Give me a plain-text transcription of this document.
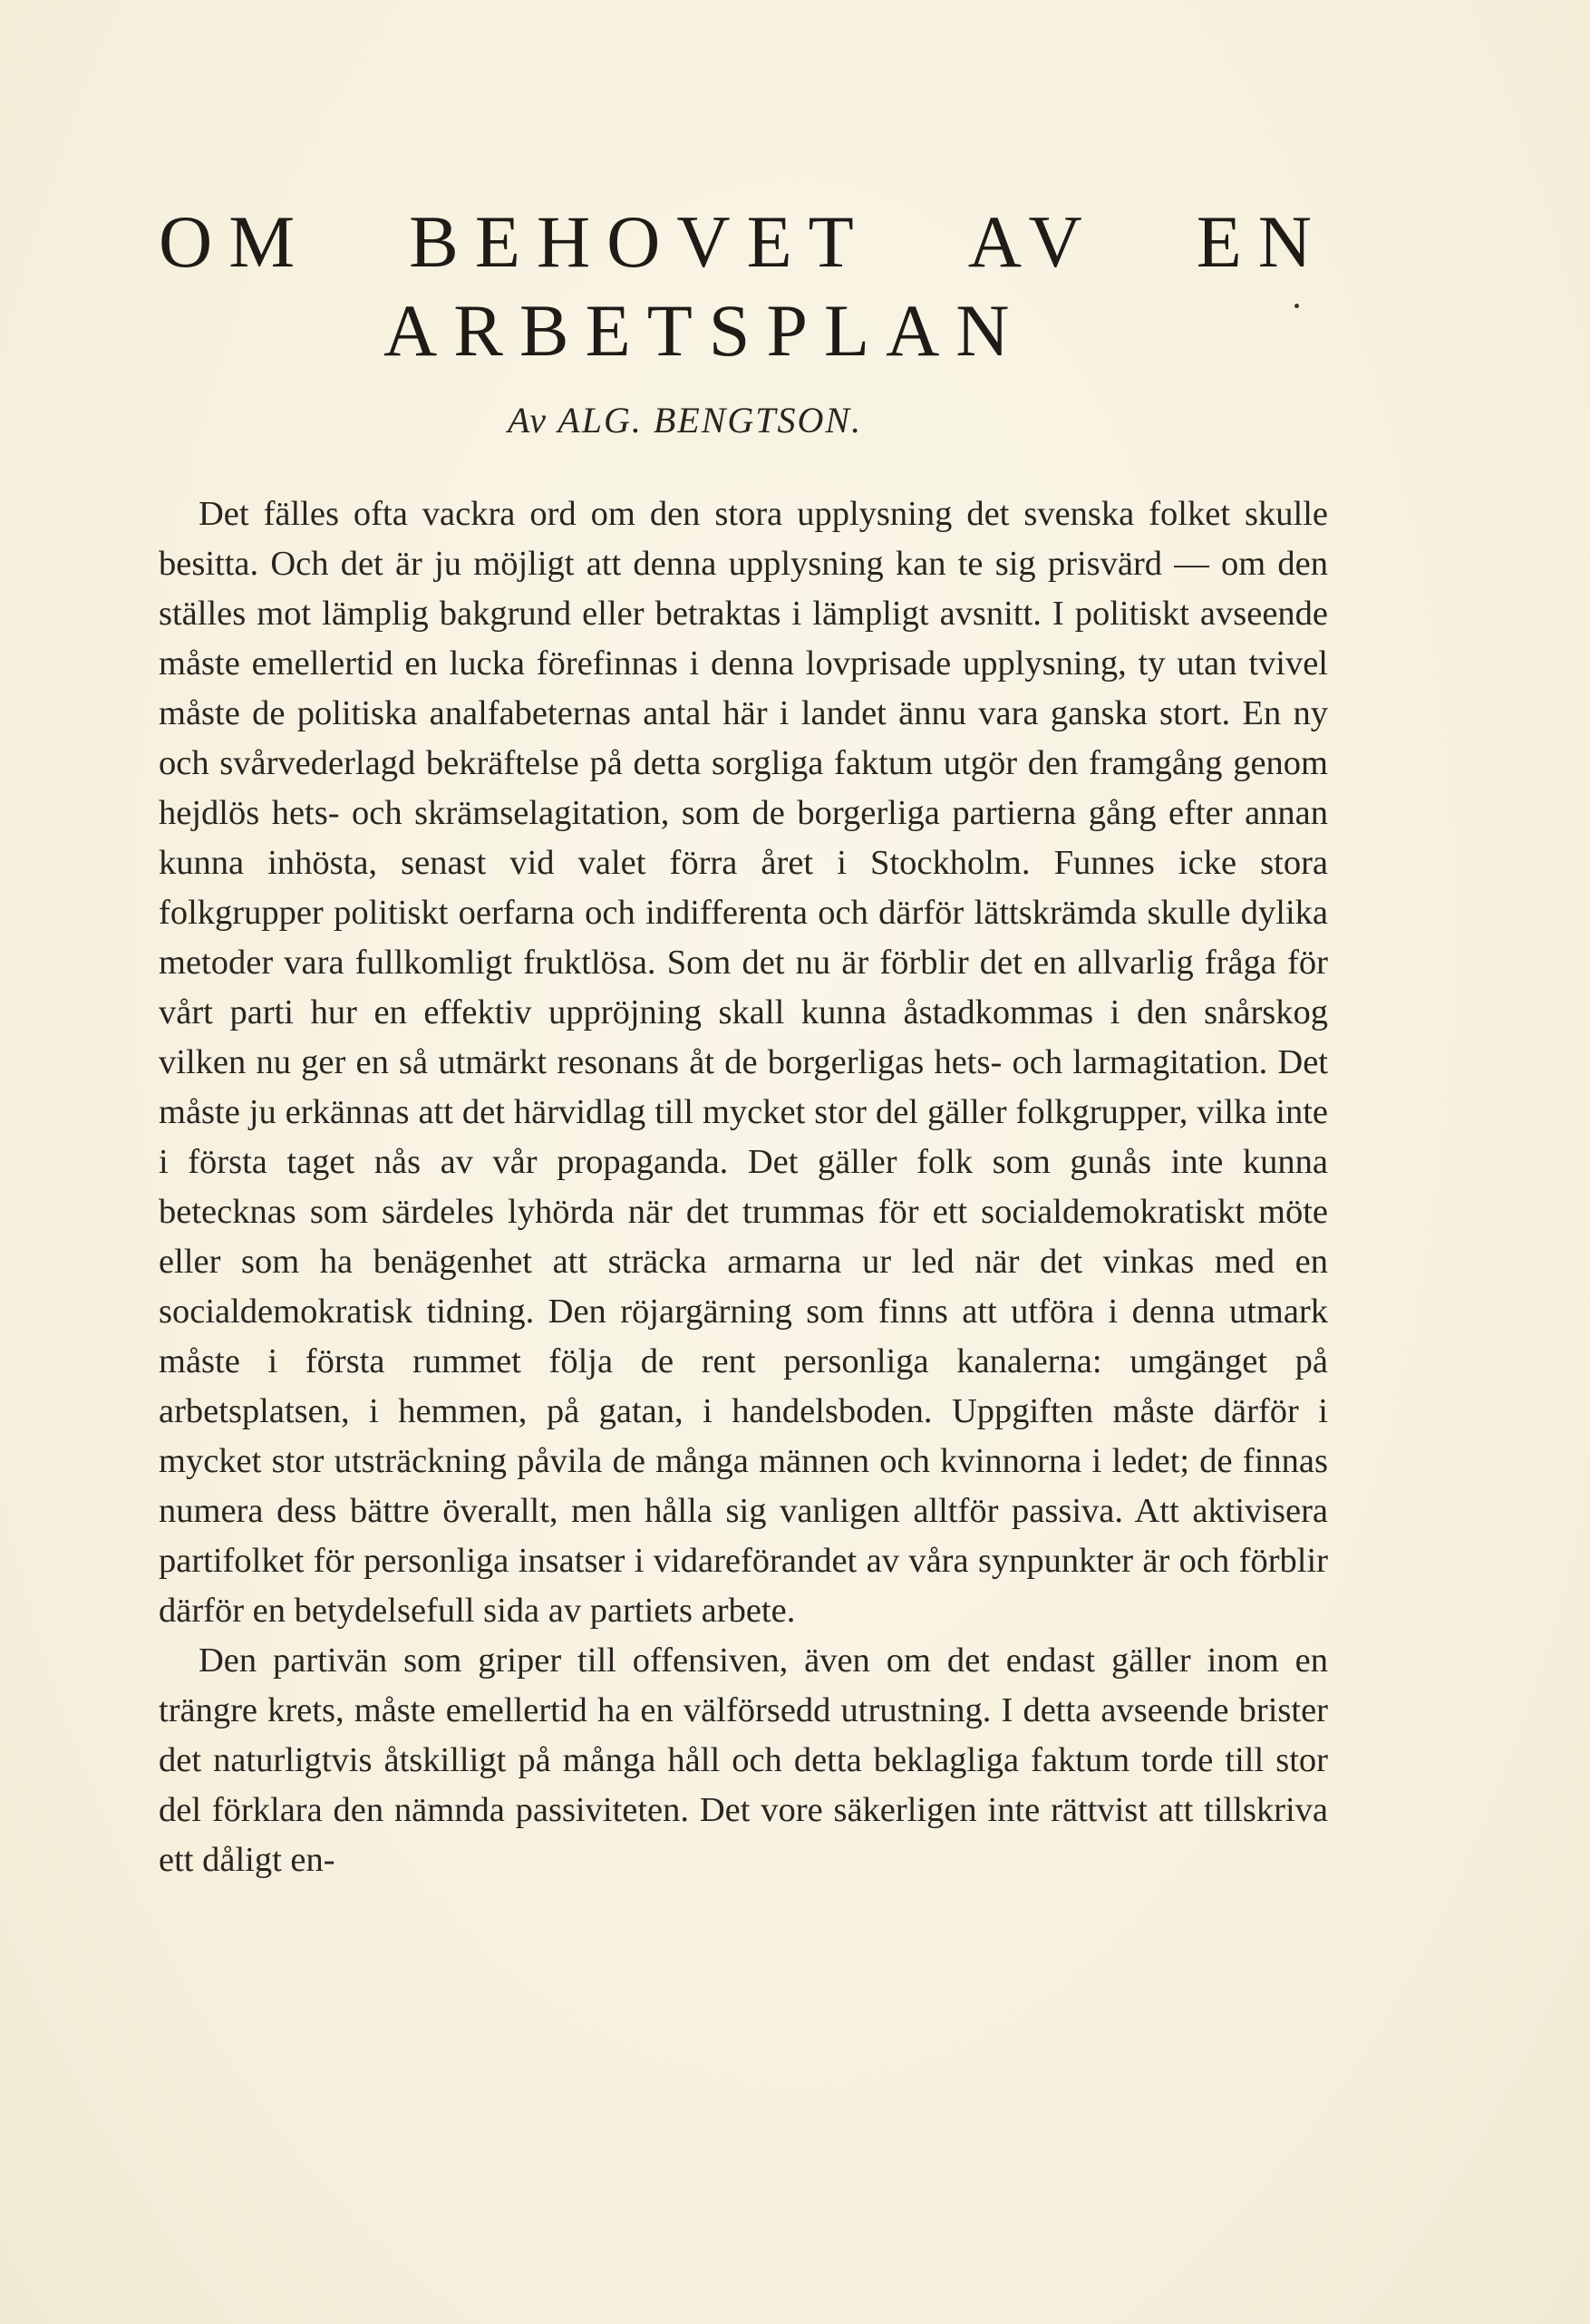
OM BEHOVET AV EN
ARBETSPLAN

Av ALG. BENGTSON.

Det fälles ofta vackra ord om den stora upplysning det svenska folket skulle besitta. Och det är ju möjligt att denna upplysning kan te sig prisvärd — om den ställes mot lämplig bakgrund eller betraktas i lämpligt avsnitt. I politiskt avseende måste emellertid en lucka förefinnas i denna lovprisade upplysning, ty utan tvivel måste de politiska analfabeternas antal här i landet ännu vara ganska stort. En ny och svårvederlagd bekräftelse på detta sorgliga faktum utgör den framgång genom hejdlös hets- och skrämselagitation, som de borgerliga partierna gång efter annan kunna inhösta, senast vid valet förra året i Stockholm. Funnes icke stora folkgrupper politiskt oerfarna och indifferenta och därför lättskrämda skulle dylika metoder vara fullkomligt fruktlösa. Som det nu är förblir det en allvarlig fråga för vårt parti hur en effektiv uppröjning skall kunna åstadkommas i den snårskog vilken nu ger en så utmärkt resonans åt de borgerligas hets- och larmagitation. Det måste ju erkännas att det härvidlag till mycket stor del gäller folkgrupper, vilka inte i första taget nås av vår propaganda. Det gäller folk som gunås inte kunna betecknas som särdeles lyhörda när det trummas för ett socialdemokratiskt möte eller som ha benägenhet att sträcka armarna ur led när det vinkas med en socialdemokratisk tidning. Den röjargärning som finns att utföra i denna utmark måste i första rummet följa de rent personliga kanalerna: umgänget på arbetsplatsen, i hemmen, på gatan, i handelsboden. Uppgiften måste därför i mycket stor utsträckning påvila de många männen och kvinnorna i ledet; de finnas numera dess bättre överallt, men hålla sig vanligen alltför passiva. Att aktivisera partifolket för personliga insatser i vidareförandet av våra synpunkter är och förblir därför en betydelsefull sida av partiets arbete.

Den partivän som griper till offensiven, även om det endast gäller inom en trängre krets, måste emellertid ha en välförsedd utrustning. I detta avseende brister det naturligtvis åtskilligt på många håll och detta beklagliga faktum torde till stor del förklara den nämnda passiviteten. Det vore säkerligen inte rättvist att tillskriva ett dåligt en-
